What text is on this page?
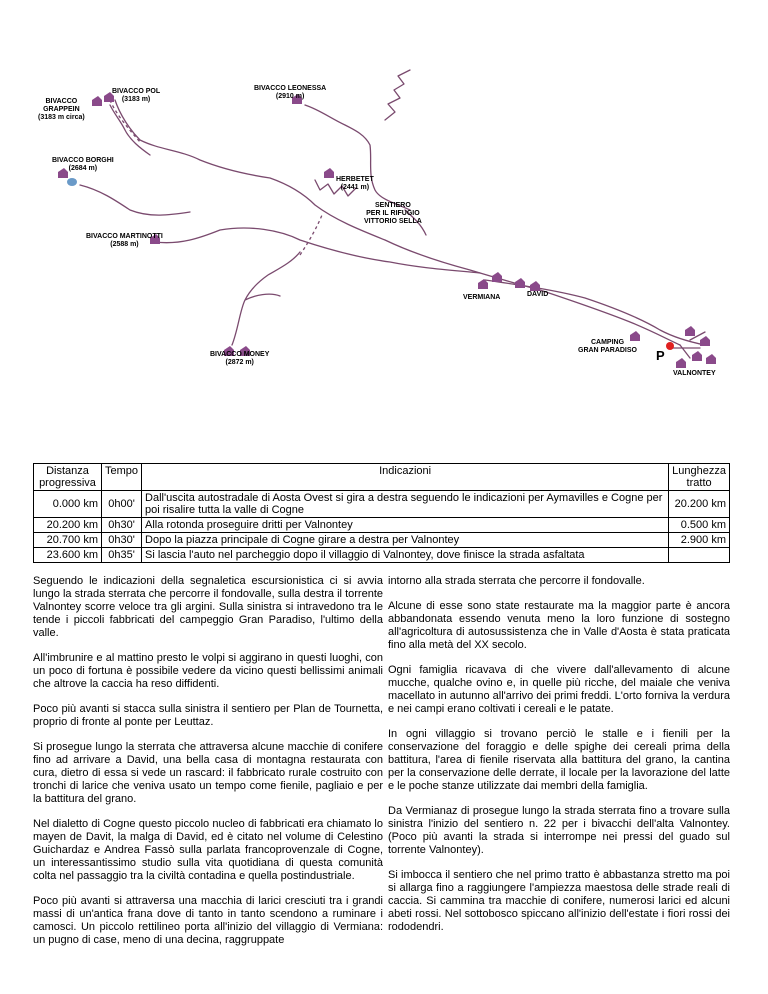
BIVACCO POL
(3183 m)
BIVACCO
GRAPPEIN
(3183 m circa)
BIVACCO LEONESSA
(2910 m)
BIVACCO BORGHI
(2684 m)
HERBETET
(2441 m)
SENTIERO
PER IL RIFUGIO
VITTORIO SELLA
BIVACCO MARTINOTTI
(2588 m)
VERMIANA	DAVID
CAMPING
GRAN PARADISO P
BIVACCO MONEY
(2872 m)
VALNONTEY
Distanza progressiva	Tempo	Indicazioni	Lunghezza tratto
0.000 km	0h00'	Dall'uscita autostradale di Aosta Ovest si gira a destra seguendo le indicazioni per Aymavilles e Cogne per poi risalire tutta la valle di Cogne	20.200 km
20.200 km	0h30'	Alla rotonda proseguire dritti per Valnontey	0.500 km
20.700 km	0h30'	Dopo la piazza principale di Cogne girare a destra per Valnontey	2.900 km
23.600 km	0h35'	Si lascia l'auto nel parcheggio dopo il villaggio di Valnontey, dove finisce la strada asfaltata	

Seguendo le indicazioni della segnaletica escursionistica ci si avvia lungo la strada sterrata che percorre il fondovalle, sulla destra il torrente Valnontey scorre veloce tra gli argini. Sulla sinistra si intravedono tra le tende i piccoli fabbricati del campeggio Gran Paradiso, l'ultimo della valle.

All'imbrunire e al mattino presto le volpi si aggirano in questi luoghi, con un poco di fortuna è possibile vedere da vicino questi bellissimi animali che altrove la caccia ha reso diffidenti.

Poco più avanti si stacca sulla sinistra il sentiero per Plan de Tournetta, proprio di fronte al ponte per Leuttaz.

Si prosegue lungo la sterrata che attraversa alcune macchie di conifere fino ad arrivare a David, una bella casa di montagna restaurata con cura, dietro di essa si vede un rascard: il fabbricato rurale costruito con tronchi di larice che veniva usato un tempo come fienile, pagliaio e per la battitura del grano.

Nel dialetto di Cogne questo piccolo nucleo di fabbricati era chiamato lo mayen de Davit, la malga di David, ed è citato nel volume di Celestino Guichardaz e Andrea Fassò sulla parlata francoprovenzale di Cogne, un interessantissimo studio sulla vita quotidiana di questa comunità colta nel passaggio tra la civiltà contadina e quella postindustriale.

Poco più avanti si attraversa una macchia di larici cresciuti tra i grandi massi di un'antica frana dove di tanto in tanto scendono a ruminare i camosci. Un piccolo rettilineo porta all'inizio del villaggio di Vermiana: un pugno di case, meno di una decina, raggruppate

intorno alla strada sterrata che percorre il fondovalle.

Alcune di esse sono state restaurate ma la maggior parte è ancora abbandonata essendo venuta meno la loro funzione di sostegno all'agricoltura di autosussistenza che in Valle d'Aosta è stata praticata fino alla metà del XX secolo.

Ogni famiglia ricavava di che vivere dall'allevamento di alcune mucche, qualche ovino e, in quelle più ricche, del maiale che veniva macellato in autunno all'arrivo dei primi freddi. L'orto forniva la verdura e nei campi erano coltivati i cereali e le patate.

In ogni villaggio si trovano perciò le stalle e i fienili per la conservazione del foraggio e delle spighe dei cereali prima della battitura, l'area di fienile riservata alla battitura del grano, la cantina per la conservazione delle derrate, il locale per la lavorazione del latte e le poche stanze utilizzate dai membri della famiglia.

Da Vermianaz di prosegue lungo la strada sterrata fino a trovare sulla sinistra l'inizio del sentiero n. 22 per i bivacchi dell'alta Valnontey. (Poco più avanti la strada si interrompe nei pressi del guado sul torrente Valnontey).

Si imbocca il sentiero che nel primo tratto è abbastanza stretto ma poi si allarga fino a raggiungere l'ampiezza maestosa delle strade reali di caccia. Si cammina tra macchie di conifere, numerosi larici ed alcuni abeti rossi. Nel sottobosco spiccano all'inizio dell'estate i fiori rossi dei rododendri.
